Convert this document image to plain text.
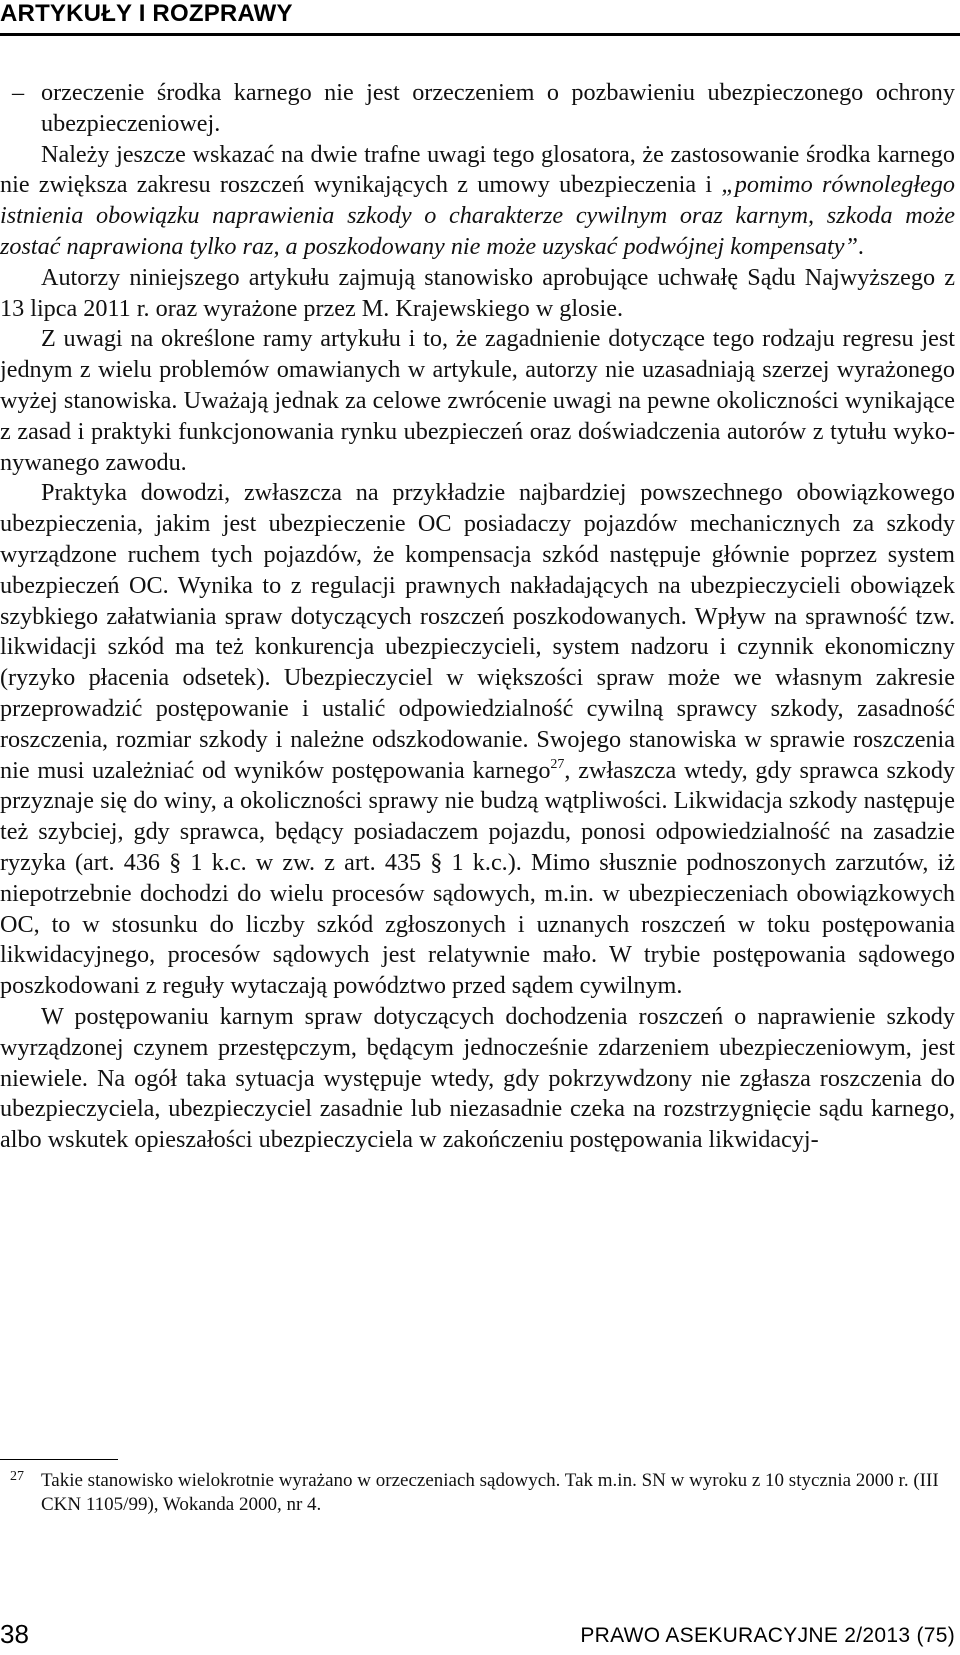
ARTYKUŁY I ROZPRAWY

– orzeczenie środka karnego nie jest orzeczeniem o pozbawieniu ubezpieczonego ochrony ubezpieczeniowej.

Należy jeszcze wskazać na dwie trafne uwagi tego glosatora, że zastosowanie środka karnego nie zwiększa zakresu roszczeń wynikających z umowy ubezpieczenia i „pomimo równoległego istnienia obowiązku naprawienia szkody o charakterze cywilnym oraz karnym, szkoda może zostać naprawiona tylko raz, a poszkodowany nie może uzyskać podwójnej kompensaty”.

Autorzy niniejszego artykułu zajmują stanowisko aprobujące uchwałę Sądu Najwyższego z 13 lipca 2011 r. oraz wyrażone przez M. Krajewskiego w glosie.

Z uwagi na określone ramy artykułu i to, że zagadnienie dotyczące tego rodzaju regresu jest jednym z wielu problemów omawianych w artykule, autorzy nie uzasadniają szerzej wyrażonego wyżej stanowiska. Uważają jednak za celowe zwrócenie uwagi na pewne okoliczności wynikające z zasad i praktyki funkcjonowania rynku ubezpieczeń oraz doświadczenia autorów z tytułu wykonywanego zawodu.

Praktyka dowodzi, zwłaszcza na przykładzie najbardziej powszechnego obowiązkowego ubezpieczenia, jakim jest ubezpieczenie OC posiadaczy pojazdów mechanicznych za szkody wyrządzone ruchem tych pojazdów, że kompensacja szkód następuje głównie poprzez system ubezpieczeń OC. Wynika to z regulacji prawnych nakładających na ubezpieczycieli obowiązek szybkiego załatwiania spraw dotyczących roszczeń poszkodowanych. Wpływ na sprawność tzw. likwidacji szkód ma też konkurencja ubezpieczycieli, system nadzoru i czynnik ekonomiczny (ryzyko płacenia odsetek). Ubezpieczyciel w większości spraw może we własnym zakresie przeprowadzić postępowanie i ustalić odpowiedzialność cywilną sprawcy szkody, zasadność roszczenia, rozmiar szkody i należne odszkodowanie. Swojego stanowiska w sprawie roszczenia nie musi uzależniać od wyników postępowania karnego$^{27}$, zwłaszcza wtedy, gdy sprawca szkody przyznaje się do winy, a okoliczności sprawy nie budzą wątpliwości. Likwidacja szkody następuje też szybciej, gdy sprawca, będący posiadaczem pojazdu, ponosi odpowiedzialność na zasadzie ryzyka (art. 436 § 1 k.c. w zw. z art. 435 § 1 k.c.). Mimo słusznie podnoszonych zarzutów, iż niepotrzebnie dochodzi do wielu procesów sądowych, m.in. w ubezpieczeniach obowiązkowych OC, to w stosunku do liczby szkód zgłoszonych i uznanych roszczeń w toku postępowania likwidacyjnego, procesów sądowych jest relatywnie mało. W trybie postępowania sądowego poszkodowani z reguły wytaczają powództwo przed sądem cywilnym.

W postępowaniu karnym spraw dotyczących dochodzenia roszczeń o naprawienie szkody wyrządzonej czynem przestępczym, będącym jednocześnie zdarzeniem ubezpieczeniowym, jest niewiele. Na ogół taka sytuacja występuje wtedy, gdy pokrzywdzony nie zgłasza roszczenia do ubezpieczyciela, ubezpieczyciel zasadnie lub niezasadnie czeka na rozstrzygnięcie sądu karnego, albo wskutek opieszałości ubezpieczyciela w zakończeniu postępowania likwidacyj-

27 Takie stanowisko wielokrotnie wyrażano w orzeczeniach sądowych. Tak m.in. SN w wyroku z 10 stycznia 2000 r. (III CKN 1105/99), Wokanda 2000, nr 4.
38	PRAWO ASEKURACYJNE 2/2013 (75)
